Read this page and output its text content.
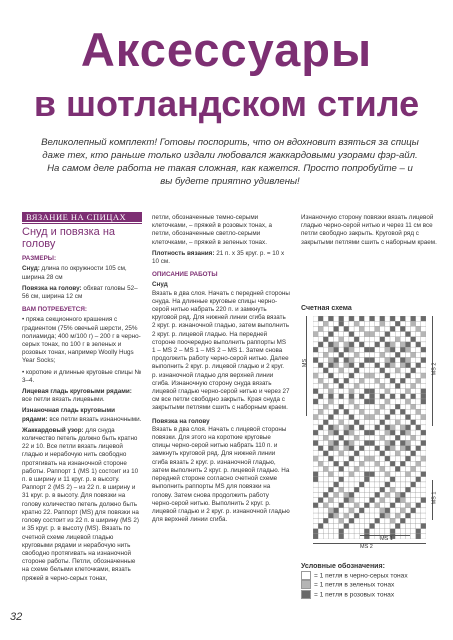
Аксессуары
в шотландском стиле
Великолепный комплект! Готовы поспорить, что он вдохновит взяться за спицы даже тех, кто раньше только издали любовался жаккардовыми узорами фэр-айл. На самом деле работа не такая сложная, как кажется. Просто попробуйте – и вы будете приятно удивлены!
ВЯЗАНИЕ НА СПИЦАХ
Снуд и повязка на голову
РАЗМЕРЫ:

Снуд: длина по окружности 105 см, ширина 28 см

Повязка на голову: обхват головы 52–56 см, ширина 12 см

ВАМ ПОТРЕБУЕТСЯ:

• пряжа секционного крашения с градиентом (75% овечьей шерсти, 25% полиамида; 400 м/100 г) – 200 г в черно-серых тонах, по 100 г в зеленых и розовых тонах, например Woolly Hugs Year Socks;

• короткие и длинные круговые спицы № 3–4.

Лицевая гладь круговыми рядами: все петли вязать лицевыми.

Изнаночная гладь круговыми рядами: все петли вязать изнаночными.

Жаккардовый узор: для снуда количество петель должно быть кратно 22 и 10. Все петли вязать лицевой гладью и нерабочую нить свободно протягивать на изнаночной стороне работы. Раппорт 1 (MS 1) состоит из 10 п. в ширину и 11 круг. р. в высоту. Раппорт 2 (MS 2) – из 22 п. в ширину и 31 круг. р. в высоту. Для повязки на голову количество петель должно быть кратно 22. Раппорт (MS) для повязки на голову состоит из 22 п. в ширину (MS 2) и 35 круг. р. в высоту (MS). Вязать по счетной схеме лицевой гладью круговыми рядами и нерабочую нить свободно протягивать на изнаночной стороне работы. Петли, обозначенные на схеме белыми клеточками, вязать пряжей в черно-серых тонах,

петли, обозначенные темно-серыми клеточками, – пряжей в розовых тонах, а петли, обозначенные светло-серыми клеточками, – пряжей в зеленых тонах.

Плотность вязания: 21 п. х 35 круг. р. = 10 х 10 см.

ОПИСАНИЕ РАБОТЫ
Снуд

Вязать в два слоя. Начать с передней стороны снуда. На длинные круговые спицы черно-серой нитью набрать 220 п. и замкнуть круговой ряд. Для нижней линии сгиба вязать 2 круг. р. изнаночной гладью, затем выполнить 2 круг. р. лицевой гладью. На передней стороне поочередно выполнить раппорты MS 1 – MS 2 – MS 1 – MS 2 – MS 1. Затем снова продолжить работу черно-серой нитью. Далее выполнить 2 круг. р. лицевой гладью и 2 круг. р. изнаночной гладью для верхней линии сгиба. Изнаночную сторону снуда вязать лицевой гладью черно-серой нитью и через 27 см все петли свободно закрыть. Края снуда с закрытыми петлями сшить с наборным краем.

Повязка на голову

Вязать в два слоя. Начать с лицевой стороны повязки. Для этого на короткие круговые спицы черно-серой нитью набрать 110 п. и замкнуть круговой ряд. Для нижней линии сгиба вязать 2 круг. р. изнаночной гладью, затем выполнить 2 круг. р. лицевой гладью. На передней стороне согласно счетной схеме выполнить раппорты MS для повязки на голову. Затем снова продолжить работу черно-серой нитью. Выполнить 2 круг. р. лицевой гладью и 2 круг. р. изнаночной гладью для верхней линии сгиба.

Изнаночную сторону повязки вязать лицевой гладью черно-серой нитью и через 11 см все петли свободно закрыть. Круговой ряд с закрытыми петлями сшить с наборным краем.

Счетная схема
MS	MS 2
MS 1
MS 1
MS 2
Условные обозначения:
= 1 петля в черно-серых тонах
= 1 петля в зеленых тонах
= 1 петля в розовых тонах
32
